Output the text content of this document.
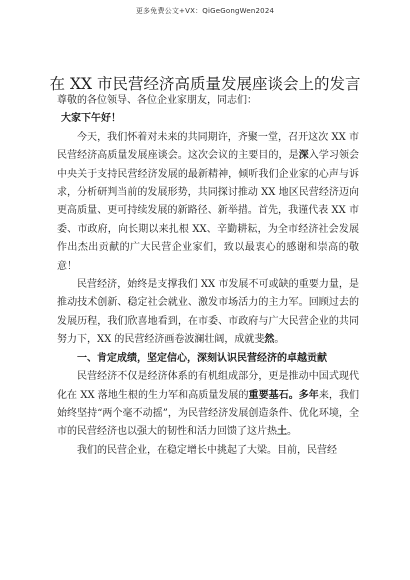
更多免费公文+VX：QiGeGongWen2024
在 XX 市民营经济高质量发展座谈会上的发言

尊敬的各位领导、各位企业家朋友，同志们：

大家下午好！

今天，我们怀着对未来的共同期许，齐聚一堂，召开这次 XX 市民营经济高质量发展座谈会。这次会议的主要目的，是深入学习领会中央关于支持民营经济发展的最新精神，倾听我们企业家的心声与诉求，分析研判当前的发展形势，共同探讨推动 XX 地区民营经济迈向更高质量、更可持续发展的新路径、新举措。首先，我谨代表 XX 市委、市政府，向长期以来扎根 XX、辛勤耕耘，为全市经济社会发展作出杰出贡献的广大民营企业家们，致以最衷心的感谢和崇高的敬意！

民营经济，始终是支撑我们 XX 市发展不可或缺的重要力量，是推动技术创新、稳定社会就业、激发市场活力的主力军。回顾过去的发展历程，我们欣喜地看到，在市委、市政府与广大民营企业的共同努力下，XX 的民营经济画卷波澜壮阔，成就斐然。

一、肯定成绩，坚定信心，深刻认识民营经济的卓越贡献

民营经济不仅是经济体系的有机组成部分，更是推动中国式现代化在 XX 落地生根的生力军和高质量发展的重要基石。多年来，我们始终坚持“两个毫不动摇”，为民营经济发展创造条件、优化环境，全市的民营经济也以强大的韧性和活力回馈了这片热土。

我们的民营企业，在稳定增长中挑起了大梁。目前，民营经
